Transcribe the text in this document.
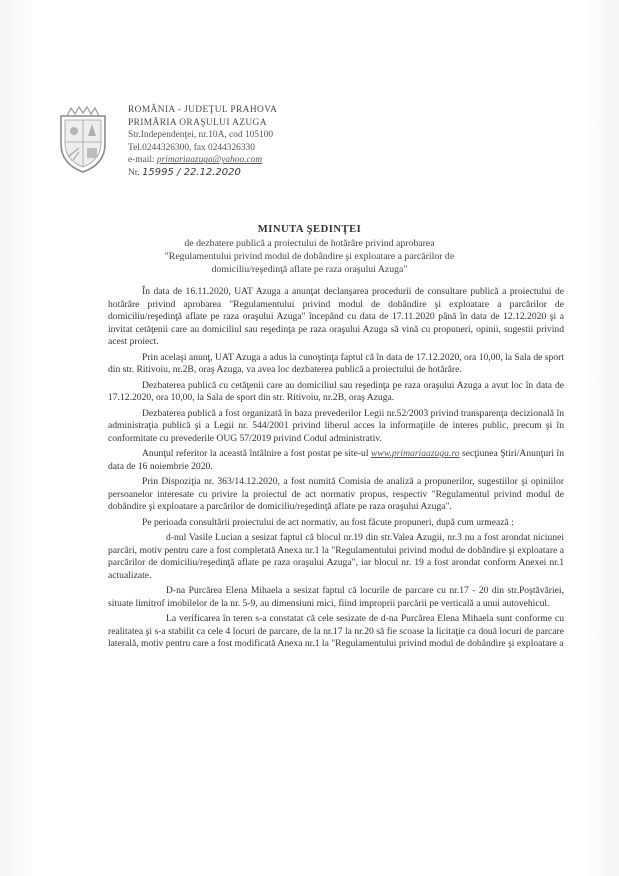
ROMÂNIA - JUDEŢUL PRAHOVA
PRIMĂRIA ORAŞULUI AZUGA
Str.Independenţei, nr.10A, cod 105100
Tel.0244326300, fax 0244326330
e-mail: primariaazuga@yahoo.com
Nr. 15995 / 22.12.2020
MINUTA ŞEDINŢEI
de dezbatere publică a proiectului de hotărâre privind aprobarea
"Regulamentului privind modul de dobândire şi exploatare a parcărilor de
domiciliu/reşedinţă aflate pe raza oraşului Azuga"

În data de 16.11.2020, UAT Azuga a anunţat declanşarea procedurii de consultare publică a proiectului de hotărâre privind aprobarea "Regulamentului privind modul de dobândire şi exploatare a parcărilor de domiciliu/reşedinţă aflate pe raza oraşului Azuga" începând cu data de 17.11.2020 până în data de 12.12.2020 şi a invitat cetăţenii care au domiciliul sau reşedinţa pe raza oraşului Azuga să vină cu propuneri, opinii, sugestii privind acest proiect.

Prin acelaşi anunţ, UAT Azuga a adus la cunoştinţa faptul că în data de 17.12.2020, ora 10,00, la Sala de sport din str. Ritivoiu, nr.2B, oraş Azuga, va avea loc dezbaterea publică a proiectului de hotărâre.

Dezbaterea publică cu cetăţenii care au domiciliul sau reşedinţa pe raza oraşului Azuga a avut loc în data de 17.12.2020, ora 10,00, la Sala de sport din str. Ritivoiu, nr.2B, oraş Azuga.

Dezbaterea publică a fost organizată în baza prevederilor Legii nr.52/2003 privind transparenţa decizională în administraţia publică şi a Legii nr. 544/2001 privind liberul acces la informaţiile de interes public, precum şi în conformitate cu prevederile OUG 57/2019 privind Codul administrativ.

Anunţul referitor la această întâlnire a fost postat pe site-ul www.primariaazuga.ro secţiunea Ştiri/Anunţuri în data de 16 noiembrie 2020.

Prin Dispoziţia nr. 363/14.12.2020, a fost numită Comisia de analiză a propunerilor, sugestiilor şi opiniilor persoanelor interesate cu privire la proiectul de act normativ propus, respectiv "Regulamentul privind modul de dobândire şi exploatare a parcărilor de domiciliu/reşedinţă aflate pe raza oraşului Azuga".

Pe perioada consultării proiectului de act normativ, au fost făcute propuneri, după cum urmează :

d-nul Vasile Lucian a sesizat faptul că blocul nr.19 din str.Valea Azugii, nr.3 nu a fost arondat niciunei parcări, motiv pentru care a fost completată Anexa nr.1 la "Regulamentului privind modul de dobândire şi exploatare a parcărilor de domiciliu/reşedinţă aflate pe raza oraşului Azuga", iar blocul nr. 19 a fost arondat conform Anexei nr.1 actualizate.

D-na Purcărea Elena Mihaela a sesizat faptul că locurile de parcare cu nr.17 - 20 din str.Poştăvăriei, situate limitrof imobilelor de la nr. 5-9, au dimensiuni mici, fiind improprii parcării pe verticală a unui autovehicul.

La verificarea în teren s-a constatat că cele sesizate de d-na Purcărea Elena Mihaela sunt conforme cu realitatea şi s-a stabilit ca cele 4 locuri de parcare, de la nr.17 la nr.20 să fie scoase la licitaţie ca două locuri de parcare laterală, motiv pentru care a fost modificată Anexa nr.1 la "Regulamentului privind modul de dobândire şi exploatare a
